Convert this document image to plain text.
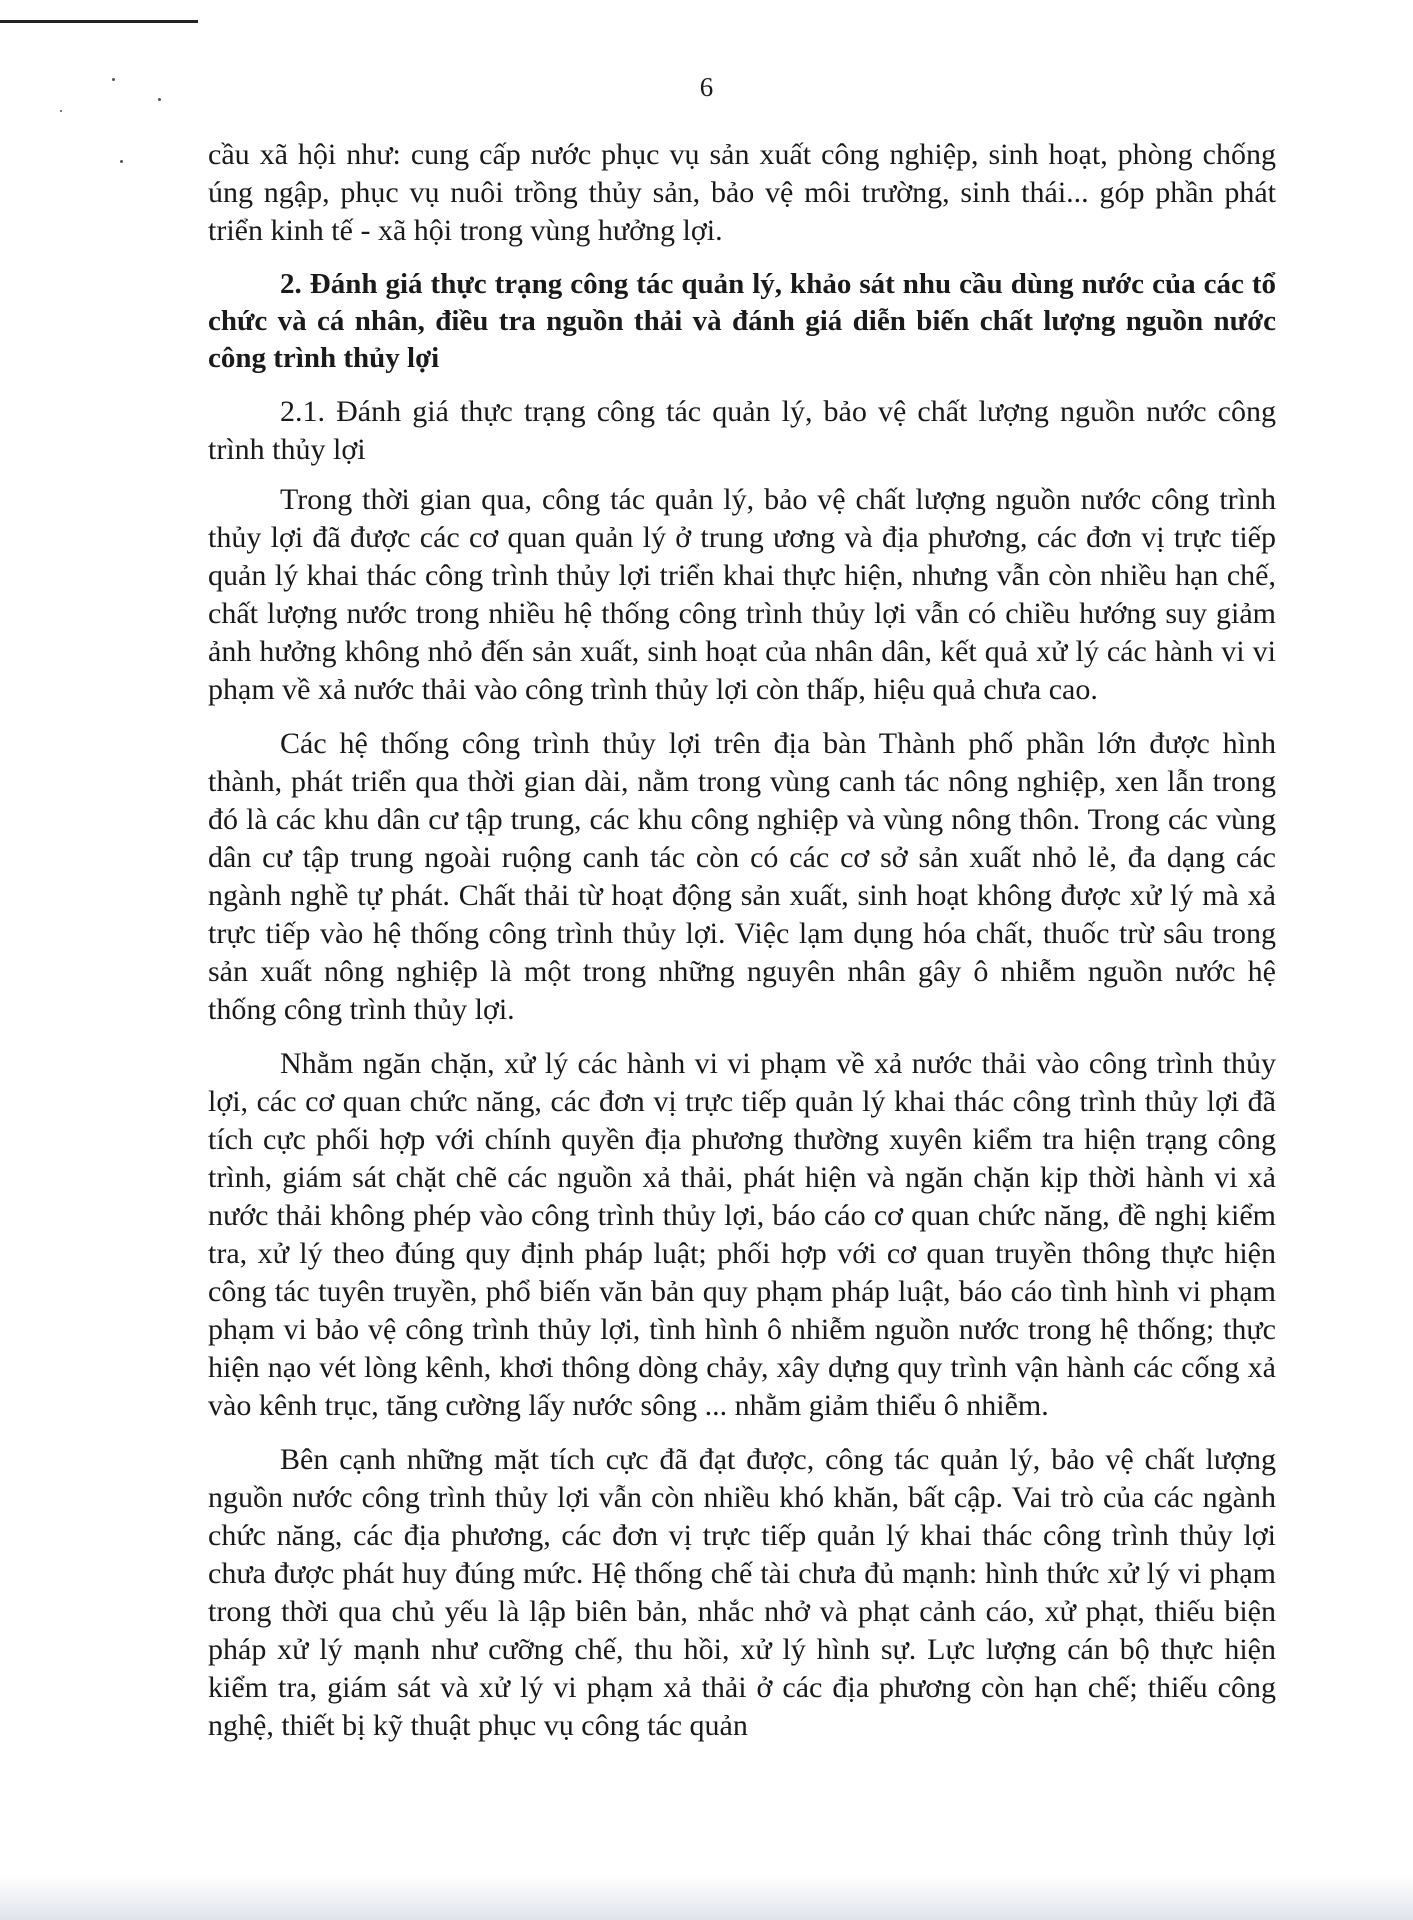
6

cầu xã hội như: cung cấp nước phục vụ sản xuất công nghiệp, sinh hoạt, phòng chống úng ngập, phục vụ nuôi trồng thủy sản, bảo vệ môi trường, sinh thái... góp phần phát triển kinh tế - xã hội trong vùng hưởng lợi.

2. Đánh giá thực trạng công tác quản lý, khảo sát nhu cầu dùng nước của các tổ chức và cá nhân, điều tra nguồn thải và đánh giá diễn biến chất lượng nguồn nước công trình thủy lợi

2.1. Đánh giá thực trạng công tác quản lý, bảo vệ chất lượng nguồn nước công trình thủy lợi

Trong thời gian qua, công tác quản lý, bảo vệ chất lượng nguồn nước công trình thủy lợi đã được các cơ quan quản lý ở trung ương và địa phương, các đơn vị trực tiếp quản lý khai thác công trình thủy lợi triển khai thực hiện, nhưng vẫn còn nhiều hạn chế, chất lượng nước trong nhiều hệ thống công trình thủy lợi vẫn có chiều hướng suy giảm ảnh hưởng không nhỏ đến sản xuất, sinh hoạt của nhân dân, kết quả xử lý các hành vi vi phạm về xả nước thải vào công trình thủy lợi còn thấp, hiệu quả chưa cao.

Các hệ thống công trình thủy lợi trên địa bàn Thành phố phần lớn được hình thành, phát triển qua thời gian dài, nằm trong vùng canh tác nông nghiệp, xen lẫn trong đó là các khu dân cư tập trung, các khu công nghiệp và vùng nông thôn. Trong các vùng dân cư tập trung ngoài ruộng canh tác còn có các cơ sở sản xuất nhỏ lẻ, đa dạng các ngành nghề tự phát. Chất thải từ hoạt động sản xuất, sinh hoạt không được xử lý mà xả trực tiếp vào hệ thống công trình thủy lợi. Việc lạm dụng hóa chất, thuốc trừ sâu trong sản xuất nông nghiệp là một trong những nguyên nhân gây ô nhiễm nguồn nước hệ thống công trình thủy lợi.

Nhằm ngăn chặn, xử lý các hành vi vi phạm về xả nước thải vào công trình thủy lợi, các cơ quan chức năng, các đơn vị trực tiếp quản lý khai thác công trình thủy lợi đã tích cực phối hợp với chính quyền địa phương thường xuyên kiểm tra hiện trạng công trình, giám sát chặt chẽ các nguồn xả thải, phát hiện và ngăn chặn kịp thời hành vi xả nước thải không phép vào công trình thủy lợi, báo cáo cơ quan chức năng, đề nghị kiểm tra, xử lý theo đúng quy định pháp luật; phối hợp với cơ quan truyền thông thực hiện công tác tuyên truyền, phổ biến văn bản quy phạm pháp luật, báo cáo tình hình vi phạm phạm vi bảo vệ công trình thủy lợi, tình hình ô nhiễm nguồn nước trong hệ thống; thực hiện nạo vét lòng kênh, khơi thông dòng chảy, xây dựng quy trình vận hành các cống xả vào kênh trục, tăng cường lấy nước sông ... nhằm giảm thiểu ô nhiễm.

Bên cạnh những mặt tích cực đã đạt được, công tác quản lý, bảo vệ chất lượng nguồn nước công trình thủy lợi vẫn còn nhiều khó khăn, bất cập. Vai trò của các ngành chức năng, các địa phương, các đơn vị trực tiếp quản lý khai thác công trình thủy lợi chưa được phát huy đúng mức. Hệ thống chế tài chưa đủ mạnh: hình thức xử lý vi phạm trong thời qua chủ yếu là lập biên bản, nhắc nhở và phạt cảnh cáo, xử phạt, thiếu biện pháp xử lý mạnh như cưỡng chế, thu hồi, xử lý hình sự. Lực lượng cán bộ thực hiện kiểm tra, giám sát và xử lý vi phạm xả thải ở các địa phương còn hạn chế; thiếu công nghệ, thiết bị kỹ thuật phục vụ công tác quản
